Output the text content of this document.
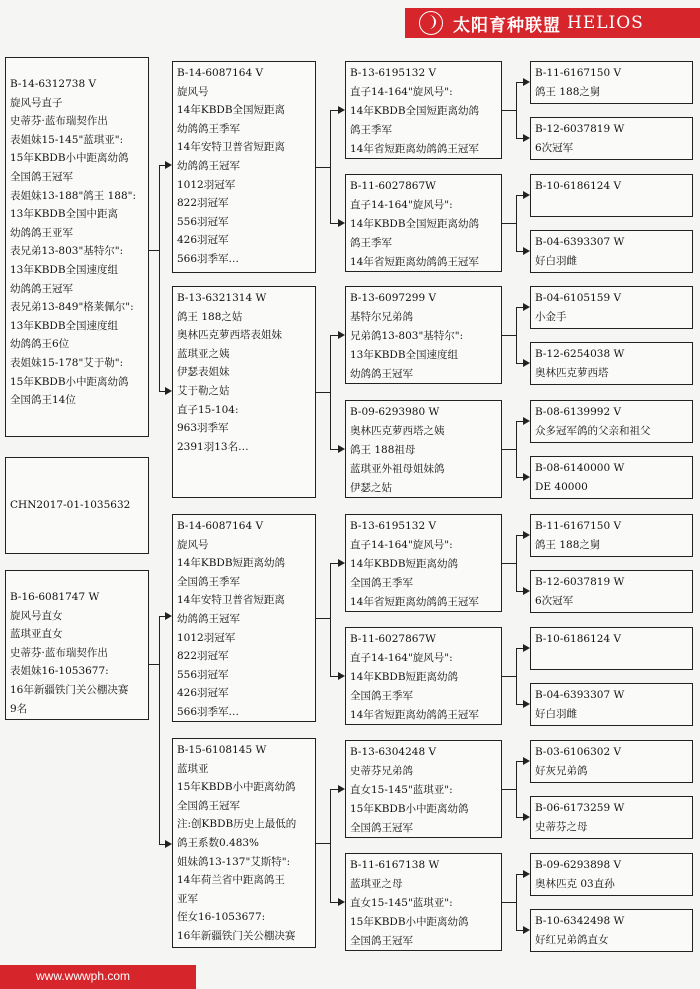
太阳育种联盟 HELIOS
B-14-6312738 V
旋风号直子
史蒂芬·蓝布瑞契作出
表姐妹15-145"蓝琪亚":
15年KBDB小中距离幼鸽
全国鸽王冠军
表姐妹13-188"鸽王 188":
13年KBDB全国中距离
幼鸽鸽王亚军
表兄弟13-803"基特尔":
13年KBDB全国速度组
幼鸽鸽王冠军
表兄弟13-849"格莱佩尔":
13年KBDB全国速度组
幼鸽鸽王6位
表姐妹15-178"艾于勒":
15年KBDB小中距离幼鸽
全国鸽王14位
CHN2017-01-1035632
B-16-6081747 W
旋风号直女
蓝琪亚直女
史蒂芬·蓝布瑞契作出
表姐妹16-1053677:
16年新疆铁门关公棚决赛
9名
B-14-6087164 V
旋风号
14年KBDB全国短距离
幼鸽鸽王季军
14年安特卫普省短距离
幼鸽鸽王冠军
1012羽冠军
822羽冠军
556羽冠军
426羽冠军
566羽季军…
B-13-6321314 W
鸽王 188之姑
奥林匹克萝西塔表姐妹
蓝琪亚之姨
伊瑟表姐妹
艾于勒之姑
直子15-104:
963羽季军
2391羽13名…
B-14-6087164 V
旋风号
14年KBDB短距离幼鸽
全国鸽王季军
14年安特卫普省短距离
幼鸽鸽王冠军
1012羽冠军
822羽冠军
556羽冠军
426羽冠军
566羽季军…
B-15-6108145 W
蓝琪亚
15年KBDB小中距离幼鸽
全国鸽王冠军
注:创KBDB历史上最低的
鸽王系数0.483%
姐妹鸽13-137"艾斯特":
14年荷兰省中距离鸽王
亚军
侄女16-1053677:
16年新疆铁门关公棚决赛
B-13-6195132 V
直子14-164"旋风号":
14年KBDB全国短距离幼鸽
鸽王季军
14年省短距离幼鸽鸽王冠军
B-11-6027867W
直子14-164"旋风号":
14年KBDB全国短距离幼鸽
鸽王季军
14年省短距离幼鸽鸽王冠军
B-13-6097299 V
基特尔兄弟鸽
兄弟鸽13-803"基特尔":
13年KBDB全国速度组
幼鸽鸽王冠军
B-09-6293980 W
奥林匹克萝西塔之姨
鸽王 188祖母
蓝琪亚外祖母姐妹鸽
伊瑟之姑
B-13-6195132 V
直子14-164"旋风号":
14年KBDB短距离幼鸽
全国鸽王季军
14年省短距离幼鸽鸽王冠军
B-11-6027867W
直子14-164"旋风号":
14年KBDB短距离幼鸽
全国鸽王季军
14年省短距离幼鸽鸽王冠军
B-13-6304248 V
史蒂芬兄弟鸽
直女15-145"蓝琪亚":
15年KBDB小中距离幼鸽
全国鸽王冠军
B-11-6167138 W
蓝琪亚之母
直女15-145"蓝琪亚":
15年KBDB小中距离幼鸽
全国鸽王冠军
B-11-6167150 V
鸽王 188之舅
B-12-6037819 W
6次冠军
B-10-6186124 V
B-04-6393307 W
好白羽雌
B-04-6105159 V
小金手
B-12-6254038 W
奥林匹克萝西塔
B-08-6139992 V
众多冠军鸽的父亲和祖父
B-08-6140000 W
DE 40000
B-11-6167150 V
鸽王 188之舅
B-12-6037819 W
6次冠军
B-10-6186124 V
B-04-6393307 W
好白羽雌
B-03-6106302 V
好灰兄弟鸽
B-06-6173259 W
史蒂芬之母
B-09-6293898 V
奥林匹克 03直孙
B-10-6342498 W
好红兄弟鸽直女
www.wwwph.com
